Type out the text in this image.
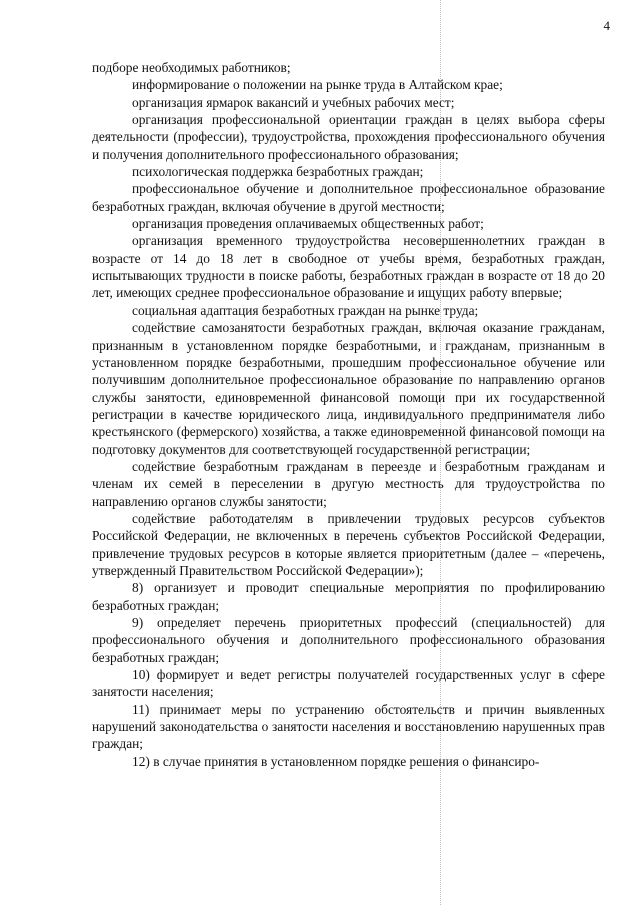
4

подборе необходимых работников;

информирование о положении на рынке труда в Алтайском крае;

организация ярмарок вакансий и учебных рабочих мест;

организация профессиональной ориентации граждан в целях выбора сферы деятельности (профессии), трудоустройства, прохождения профессионального обучения и получения дополнительного профессионального образования;

психологическая поддержка безработных граждан;

профессиональное обучение и дополнительное профессиональное образование безработных граждан, включая обучение в другой местности;

организация проведения оплачиваемых общественных работ;

организация временного трудоустройства несовершеннолетних граждан в возрасте от 14 до 18 лет в свободное от учебы время, безработных граждан, испытывающих трудности в поиске работы, безработных граждан в возрасте от 18 до 20 лет, имеющих среднее профессиональное образование и ищущих работу впервые;

социальная адаптация безработных граждан на рынке труда;

содействие самозанятости безработных граждан, включая оказание гражданам, признанным в установленном порядке безработными, и гражданам, признанным в установленном порядке безработными, прошедшим профессиональное обучение или получившим дополнительное профессиональное образование по направлению органов службы занятости, единовременной финансовой помощи при их государственной регистрации в качестве юридического лица, индивидуального предпринимателя либо крестьянского (фермерского) хозяйства, а также единовременной финансовой помощи на подготовку документов для соответствующей государственной регистрации;

содействие безработным гражданам в переезде и безработным гражданам и членам их семей в переселении в другую местность для трудоустройства по направлению органов службы занятости;

содействие работодателям в привлечении трудовых ресурсов субъектов Российской Федерации, не включенных в перечень субъектов Российской Федерации, привлечение трудовых ресурсов в которые является приоритетным (далее – «перечень, утвержденный Правительством Российской Федерации»);

8) организует и проводит специальные мероприятия по профилированию безработных граждан;

9) определяет перечень приоритетных профессий (специальностей) для профессионального обучения и дополнительного профессионального образования безработных граждан;

10) формирует и ведет регистры получателей государственных услуг в сфере занятости населения;

11) принимает меры по устранению обстоятельств и причин выявленных нарушений законодательства о занятости населения и восстановлению нарушенных прав граждан;

12) в случае принятия в установленном порядке решения о финансиро-
